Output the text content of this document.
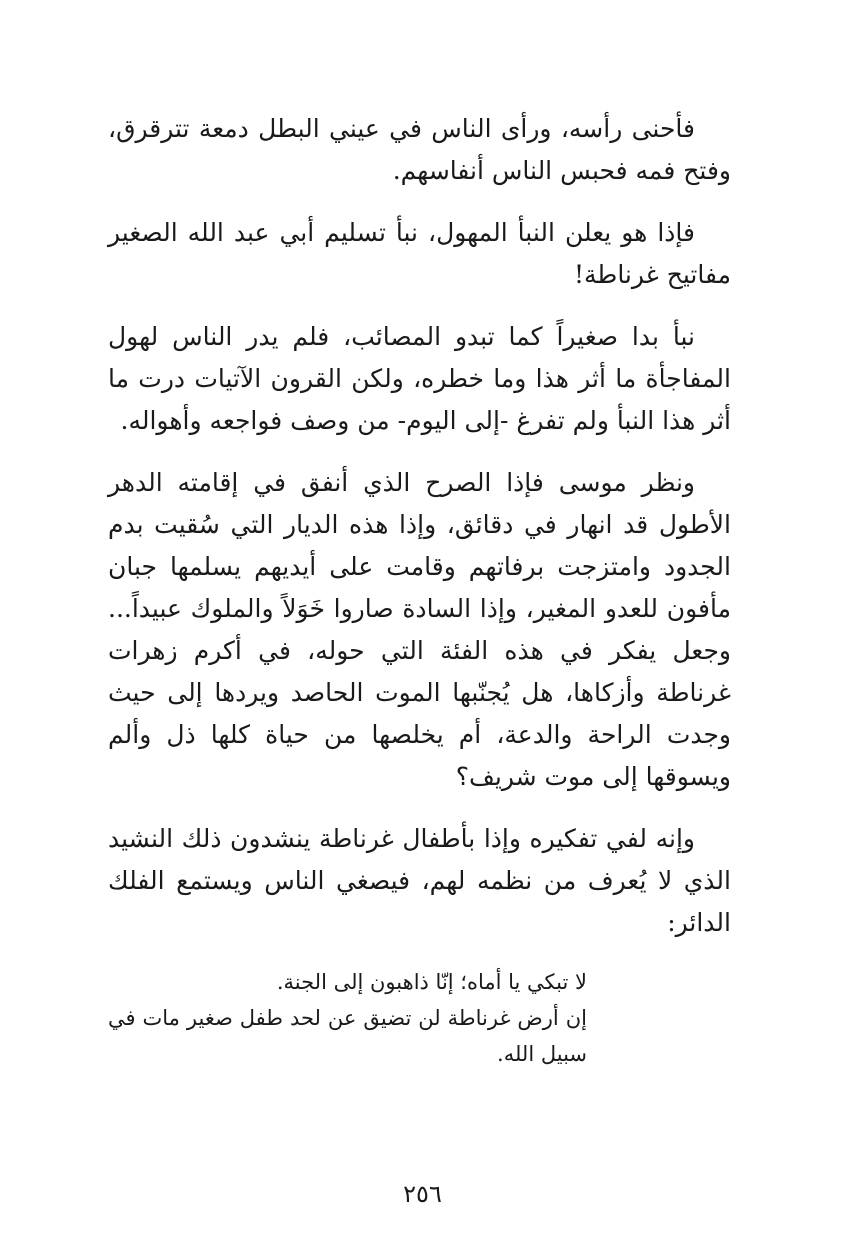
فأحنى رأسه، ورأى الناس في عيني البطل دمعة تترقرق، وفتح فمه فحبس الناس أنفاسهم.

فإذا هو يعلن النبأ المهول، نبأ تسليم أبي عبد الله الصغير مفاتيح غرناطة!

نبأ بدا صغيراً كما تبدو المصائب، فلم يدر الناس لهول المفاجأة ما أثر هذا وما خطره، ولكن القرون الآتيات درت ما أثر هذا النبأ ولم تفرغ -إلى اليوم- من وصف فواجعه وأهواله.

ونظر موسى فإذا الصرح الذي أنفق في إقامته الدهر الأطول قد انهار في دقائق، وإذا هذه الديار التي سُقيت بدم الجدود وامتزجت برفاتهم وقامت على أيديهم يسلمها جبان مأفون للعدو المغير، وإذا السادة صاروا خَوَلاً والملوك عبيداً... وجعل يفكر في هذه الفئة التي حوله، في أكرم زهرات غرناطة وأزكاها، هل يُجنّبها الموت الحاصد ويردها إلى حيث وجدت الراحة والدعة، أم يخلصها من حياة كلها ذل وألم ويسوقها إلى موت شريف؟

وإنه لفي تفكيره وإذا بأطفال غرناطة ينشدون ذلك النشيد الذي لا يُعرف من نظمه لهم، فيصغي الناس ويستمع الفلك الدائر:

لا تبكي يا أماه؛ إنّا ذاهبون إلى الجنة.

إن أرض غرناطة لن تضيق عن لحد طفل صغير مات في سبيل الله.

٢٥٦
